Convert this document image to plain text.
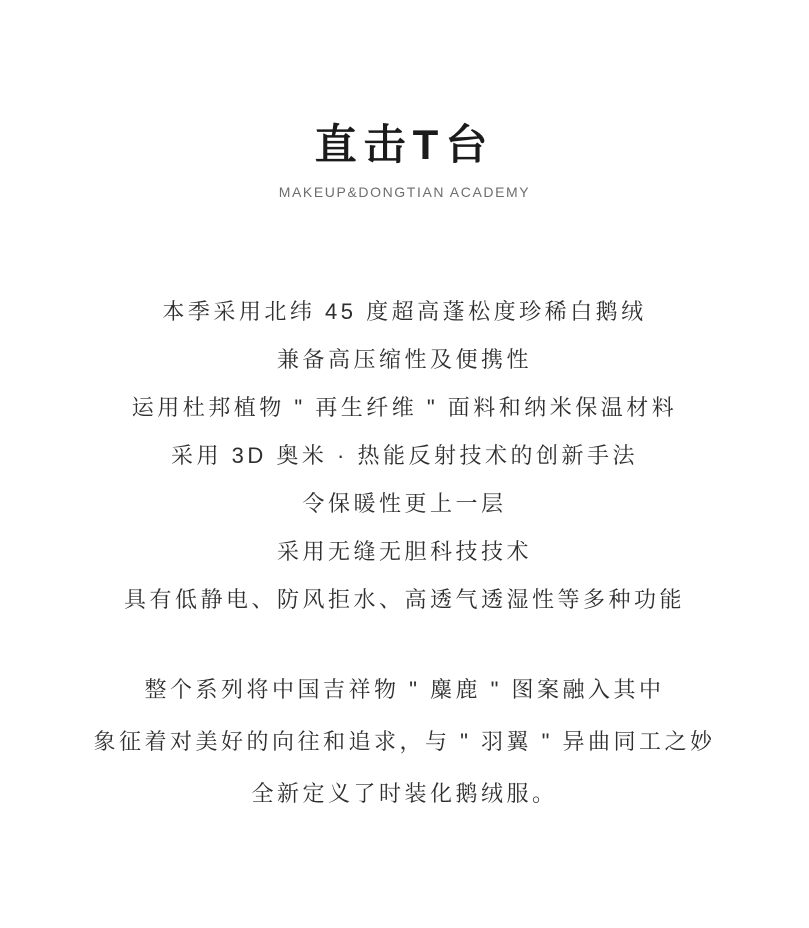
直击T台
MAKEUP&DONGTIAN ACADEMY
本季采用北纬 45 度超高蓬松度珍稀白鹅绒
兼备高压缩性及便携性
运用杜邦植物 " 再生纤维 " 面料和纳米保温材料
采用 3D 奥米 · 热能反射技术的创新手法
令保暖性更上一层
采用无缝无胆科技技术
具有低静电、防风拒水、高透气透湿性等多种功能
整个系列将中国吉祥物 " 麋鹿 " 图案融入其中
象征着对美好的向往和追求，与 " 羽翼 " 异曲同工之妙
全新定义了时装化鹅绒服。
